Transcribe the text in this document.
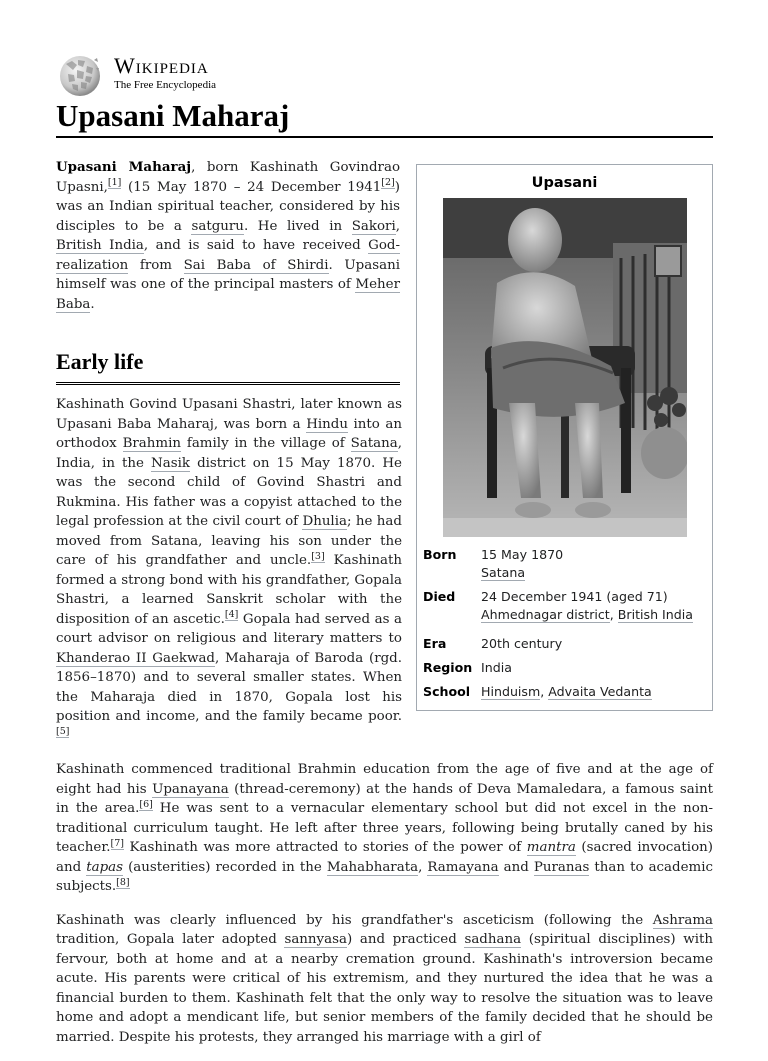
Wikipedia
The Free Encyclopedia
Upasani Maharaj
Upasani
Born	15 May 1870
Satana
Died	24 December 1941 (aged 71)
Ahmednagar district, British India
Era	20th century
Region India
School Hinduism, Advaita Vedanta

Upasani Maharaj, born Kashinath Govindrao Upasni,[1] (15 May 1870 – 24 December 1941[2]) was an Indian spiritual teacher, considered by his disciples to be a satguru. He lived in Sakori, British India, and is said to have received God-realization from Sai Baba of Shirdi. Upasani himself was one of the principal masters of Meher Baba.

Early life

Kashinath Govind Upasani Shastri, later known as Upasani Baba Maharaj, was born a Hindu into an orthodox Brahmin family in the village of Satana, India, in the Nasik district on 15 May 1870. He was the second child of Govind Shastri and Rukmina. His father was a copyist attached to the legal profession at the civil court of Dhulia; he had moved from Satana, leaving his son under the care of his grandfather and uncle.[3] Kashinath formed a strong bond with his grandfather, Gopala Shastri, a learned Sanskrit scholar with the disposition of an ascetic.[4] Gopala had served as a court advisor on religious and literary matters to Khanderao II Gaekwad, Maharaja of Baroda (rgd. 1856–1870) and to several smaller states. When the Maharaja died in 1870, Gopala lost his position and income, and the family became poor.[5]

Kashinath commenced traditional Brahmin education from the age of five and at the age of eight had his Upanayana (thread-ceremony) at the hands of Deva Mamaledara, a famous saint in the area.[6] He was sent to a vernacular elementary school but did not excel in the non-traditional curriculum taught. He left after three years, following being brutally caned by his teacher.[7] Kashinath was more attracted to stories of the power of mantra (sacred invocation) and tapas (austerities) recorded in the Mahabharata, Ramayana and Puranas than to academic subjects.[8]

Kashinath was clearly influenced by his grandfather's asceticism (following the Ashrama tradition, Gopala later adopted sannyasa) and practiced sadhana (spiritual disciplines) with fervour, both at home and at a nearby cremation ground. Kashinath's introversion became acute. His parents were critical of his extremism, and they nurtured the idea that he was a financial burden to them. Kashinath felt that the only way to resolve the situation was to leave home and adopt a mendicant life, but senior members of the family decided that he should be married. Despite his protests, they arranged his marriage with a girl of
